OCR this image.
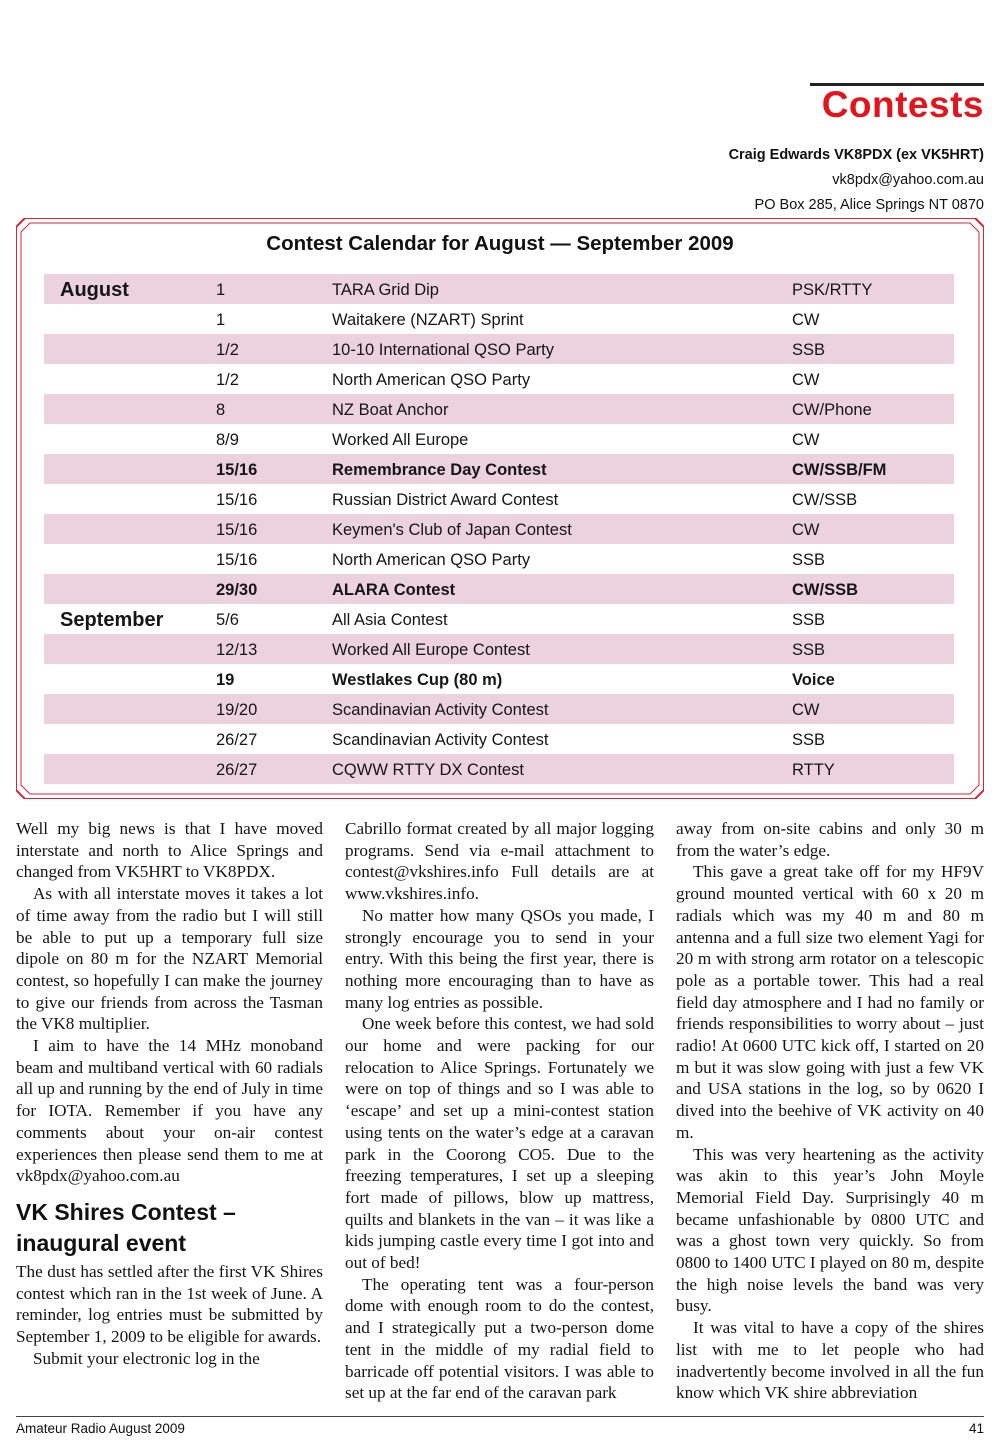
Contests
Craig Edwards VK8PDX (ex VK5HRT)
vk8pdx@yahoo.com.au
PO Box 285, Alice Springs NT 0870
Contest Calendar for August — September 2009
August	1	TARA Grid Dip	PSK/RTTY
1	Waitakere (NZART) Sprint	CW
1/2	10-10 International QSO Party	SSB
1/2	North American QSO Party	CW
8	NZ Boat Anchor	CW/Phone
8/9	Worked All Europe	CW
15/16	Remembrance Day Contest	CW/SSB/FM
15/16	Russian District Award Contest	CW/SSB
15/16	Keymen's Club of Japan Contest	CW
15/16	North American QSO Party	SSB
29/30	ALARA Contest	CW/SSB
September	5/6	All Asia Contest	SSB
12/13	Worked All Europe Contest	SSB
19	Westlakes Cup (80 m)	Voice
19/20	Scandinavian Activity Contest	CW
26/27	Scandinavian Activity Contest	SSB
26/27	CQWW RTTY DX Contest	RTTY

Well my big news is that I have moved interstate and north to Alice Springs and changed from VK5HRT to VK8PDX.

As with all interstate moves it takes a lot of time away from the radio but I will still be able to put up a temporary full size dipole on 80 m for the NZART Memorial contest, so hopefully I can make the journey to give our friends from across the Tasman the VK8 multiplier.

I aim to have the 14 MHz monoband beam and multiband vertical with 60 radials all up and running by the end of July in time for IOTA. Remember if you have any comments about your on-air contest experiences then please send them to me at vk8pdx@yahoo.com.au

VK Shires Contest – inaugural event

The dust has settled after the first VK Shires contest which ran in the 1st week of June. A reminder, log entries must be submitted by September 1, 2009 to be eligible for awards.

Submit your electronic log in the

Cabrillo format created by all major logging programs. Send via e-mail attachment to contest@vkshires.info Full details are at www.vkshires.info.

No matter how many QSOs you made, I strongly encourage you to send in your entry. With this being the first year, there is nothing more encouraging than to have as many log entries as possible.

One week before this contest, we had sold our home and were packing for our relocation to Alice Springs. Fortunately we were on top of things and so I was able to ‘escape’ and set up a mini-contest station using tents on the water’s edge at a caravan park in the Coorong CO5. Due to the freezing temperatures, I set up a sleeping fort made of pillows, blow up mattress, quilts and blankets in the van – it was like a kids jumping castle every time I got into and out of bed!

The operating tent was a four-person dome with enough room to do the contest, and I strategically put a two-person dome tent in the middle of my radial field to barricade off potential visitors. I was able to set up at the far end of the caravan park

away from on-site cabins and only 30 m from the water’s edge.

This gave a great take off for my HF9V ground mounted vertical with 60 x 20 m radials which was my 40 m and 80 m antenna and a full size two element Yagi for 20 m with strong arm rotator on a telescopic pole as a portable tower. This had a real field day atmosphere and I had no family or friends responsibilities to worry about – just radio! At 0600 UTC kick off, I started on 20 m but it was slow going with just a few VK and USA stations in the log, so by 0620 I dived into the beehive of VK activity on 40 m.

This was very heartening as the activity was akin to this year’s John Moyle Memorial Field Day. Surprisingly 40 m became unfashionable by 0800 UTC and was a ghost town very quickly. So from 0800 to 1400 UTC I played on 80 m, despite the high noise levels the band was very busy.

It was vital to have a copy of the shires list with me to let people who had inadvertently become involved in all the fun know which VK shire abbreviation

Amateur Radio August 2009	41
